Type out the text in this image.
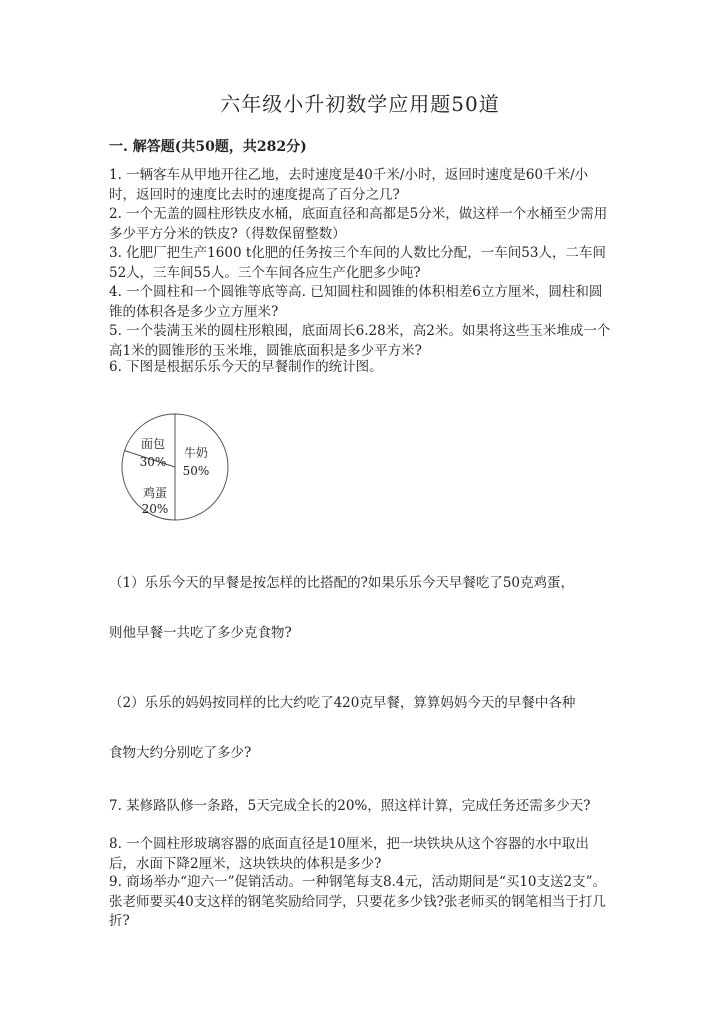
六年级小升初数学应用题50道
一. 解答题(共50题，共282分)
1. 一辆客车从甲地开往乙地，去时速度是40千米/小时，返回时速度是60千米/小时，返回时的速度比去时的速度提高了百分之几?
2. 一个无盖的圆柱形铁皮水桶，底面直径和高都是5分米，做这样一个水桶至少需用多少平方分米的铁皮?（得数保留整数）
3. 化肥厂把生产1600 t化肥的任务按三个车间的人数比分配，一车间53人，二车间52人，三车间55人。三个车间各应生产化肥多少吨?
4. 一个圆柱和一个圆锥等底等高. 已知圆柱和圆锥的体积相差6立方厘米，圆柱和圆锥的体积各是多少立方厘米?
5. 一个装满玉米的圆柱形粮囤，底面周长6.28米，高2米。如果将这些玉米堆成一个高1米的圆锥形的玉米堆，圆锥底面积是多少平方米?
6. 下图是根据乐乐今天的早餐制作的统计图。
牛奶
50%
面包
30%
鸡蛋
20%
（1）乐乐今天的早餐是按怎样的比搭配的?如果乐乐今天早餐吃了50克鸡蛋，
则他早餐一共吃了多少克食物?
（2）乐乐的妈妈按同样的比大约吃了420克早餐，算算妈妈今天的早餐中各种
食物大约分别吃了多少?
7. 某修路队修一条路，5天完成全长的20%，照这样计算，完成任务还需多少天?
8. 一个圆柱形玻璃容器的底面直径是10厘米，把一块铁块从这个容器的水中取出后，水面下降2厘米，这块铁块的体积是多少?
9. 商场举办“迎六一”促销活动。一种钢笔每支8.4元，活动期间是“买10支送2支”。张老师要买40支这样的钢笔奖励给同学，只要花多少钱?张老师买的钢笔相当于打几折?
